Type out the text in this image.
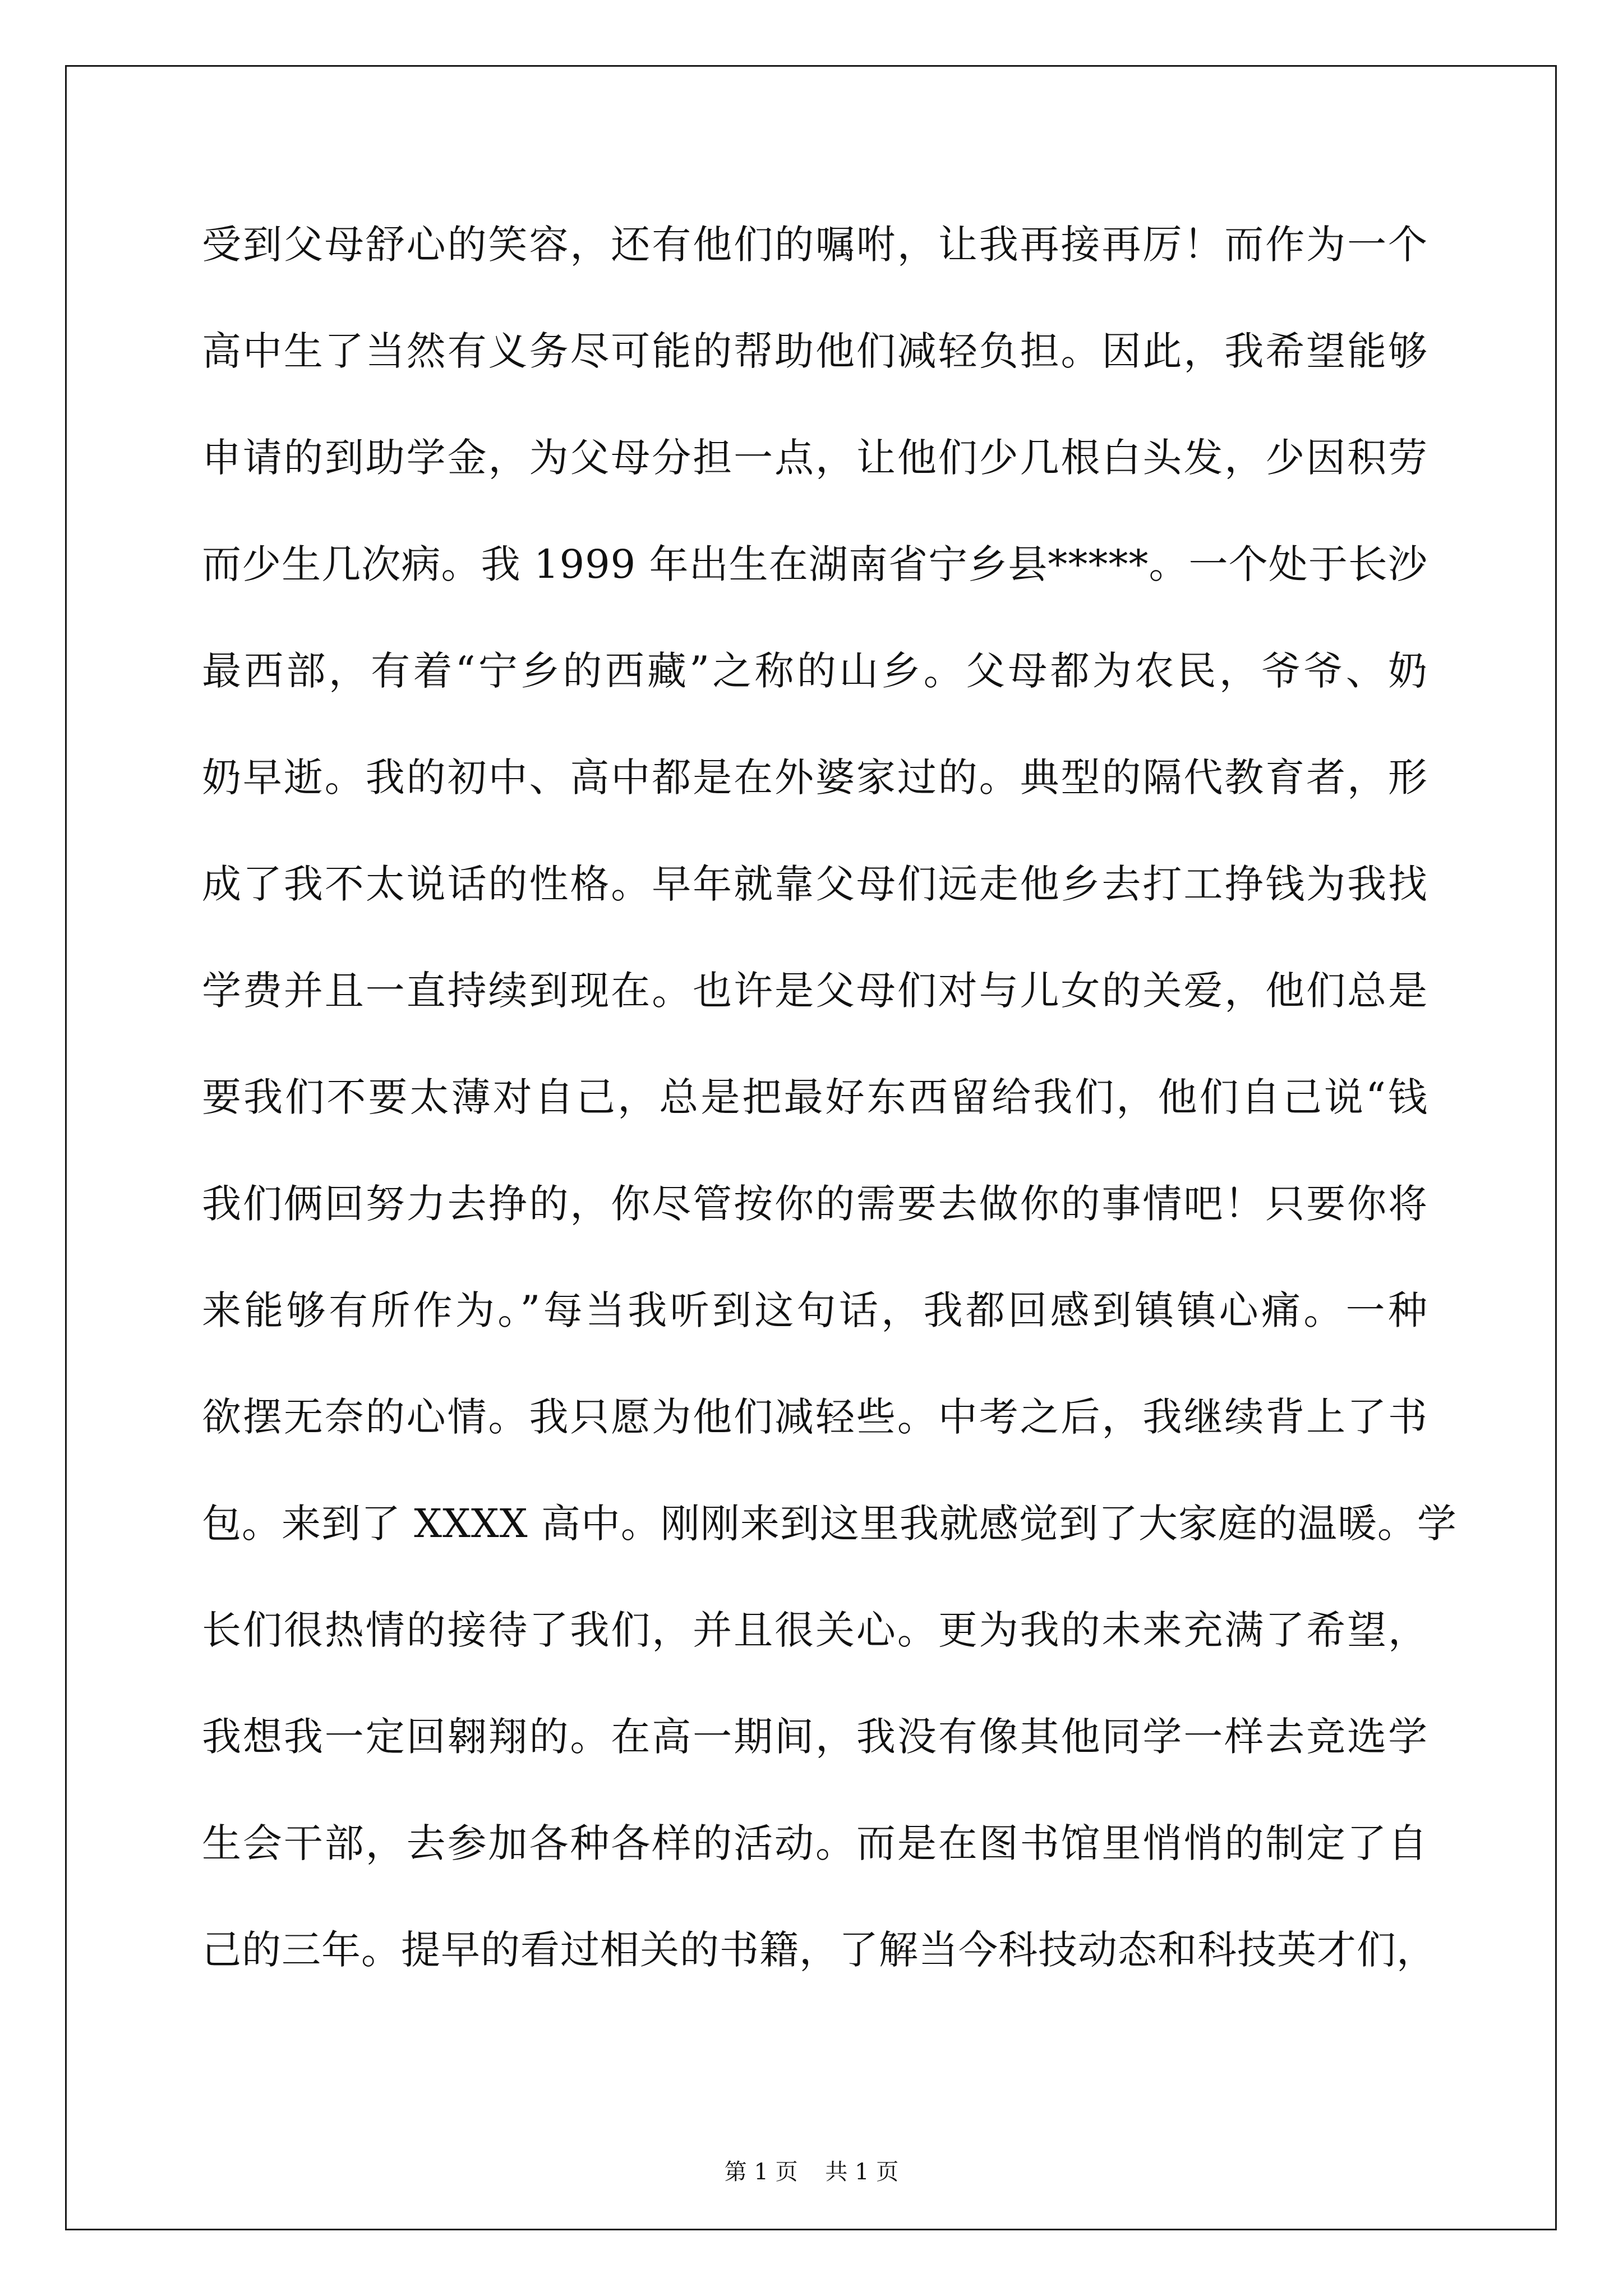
受到父母舒心的笑容，还有他们的嘱咐，让我再接再厉！而作为一个
高中生了当然有义务尽可能的帮助他们减轻负担。因此，我希望能够
申请的到助学金，为父母分担一点，让他们少几根白头发，少因积劳
而少生几次病。我 1999 年出生在湖南省宁乡县*****。一个处于长沙
最西部，有着“宁乡的西藏”之称的山乡。父母都为农民，爷爷、奶
奶早逝。我的初中、高中都是在外婆家过的。典型的隔代教育者，形
成了我不太说话的性格。早年就靠父母们远走他乡去打工挣钱为我找
学费并且一直持续到现在。也许是父母们对与儿女的关爱，他们总是
要我们不要太薄对自己，总是把最好东西留给我们，他们自己说“钱
我们俩回努力去挣的，你尽管按你的需要去做你的事情吧！只要你将
来能够有所作为。”每当我听到这句话，我都回感到镇镇心痛。一种
欲摆无奈的心情。我只愿为他们减轻些。中考之后，我继续背上了书
包。来到了 XXXX 高中。刚刚来到这里我就感觉到了大家庭的温暖。学
长们很热情的接待了我们，并且很关心。更为我的未来充满了希望，
我想我一定回翱翔的。在高一期间，我没有像其他同学一样去竞选学
生会干部，去参加各种各样的活动。而是在图书馆里悄悄的制定了自
己的三年。提早的看过相关的书籍，了解当今科技动态和科技英才们，
第 1 页 共 1 页
